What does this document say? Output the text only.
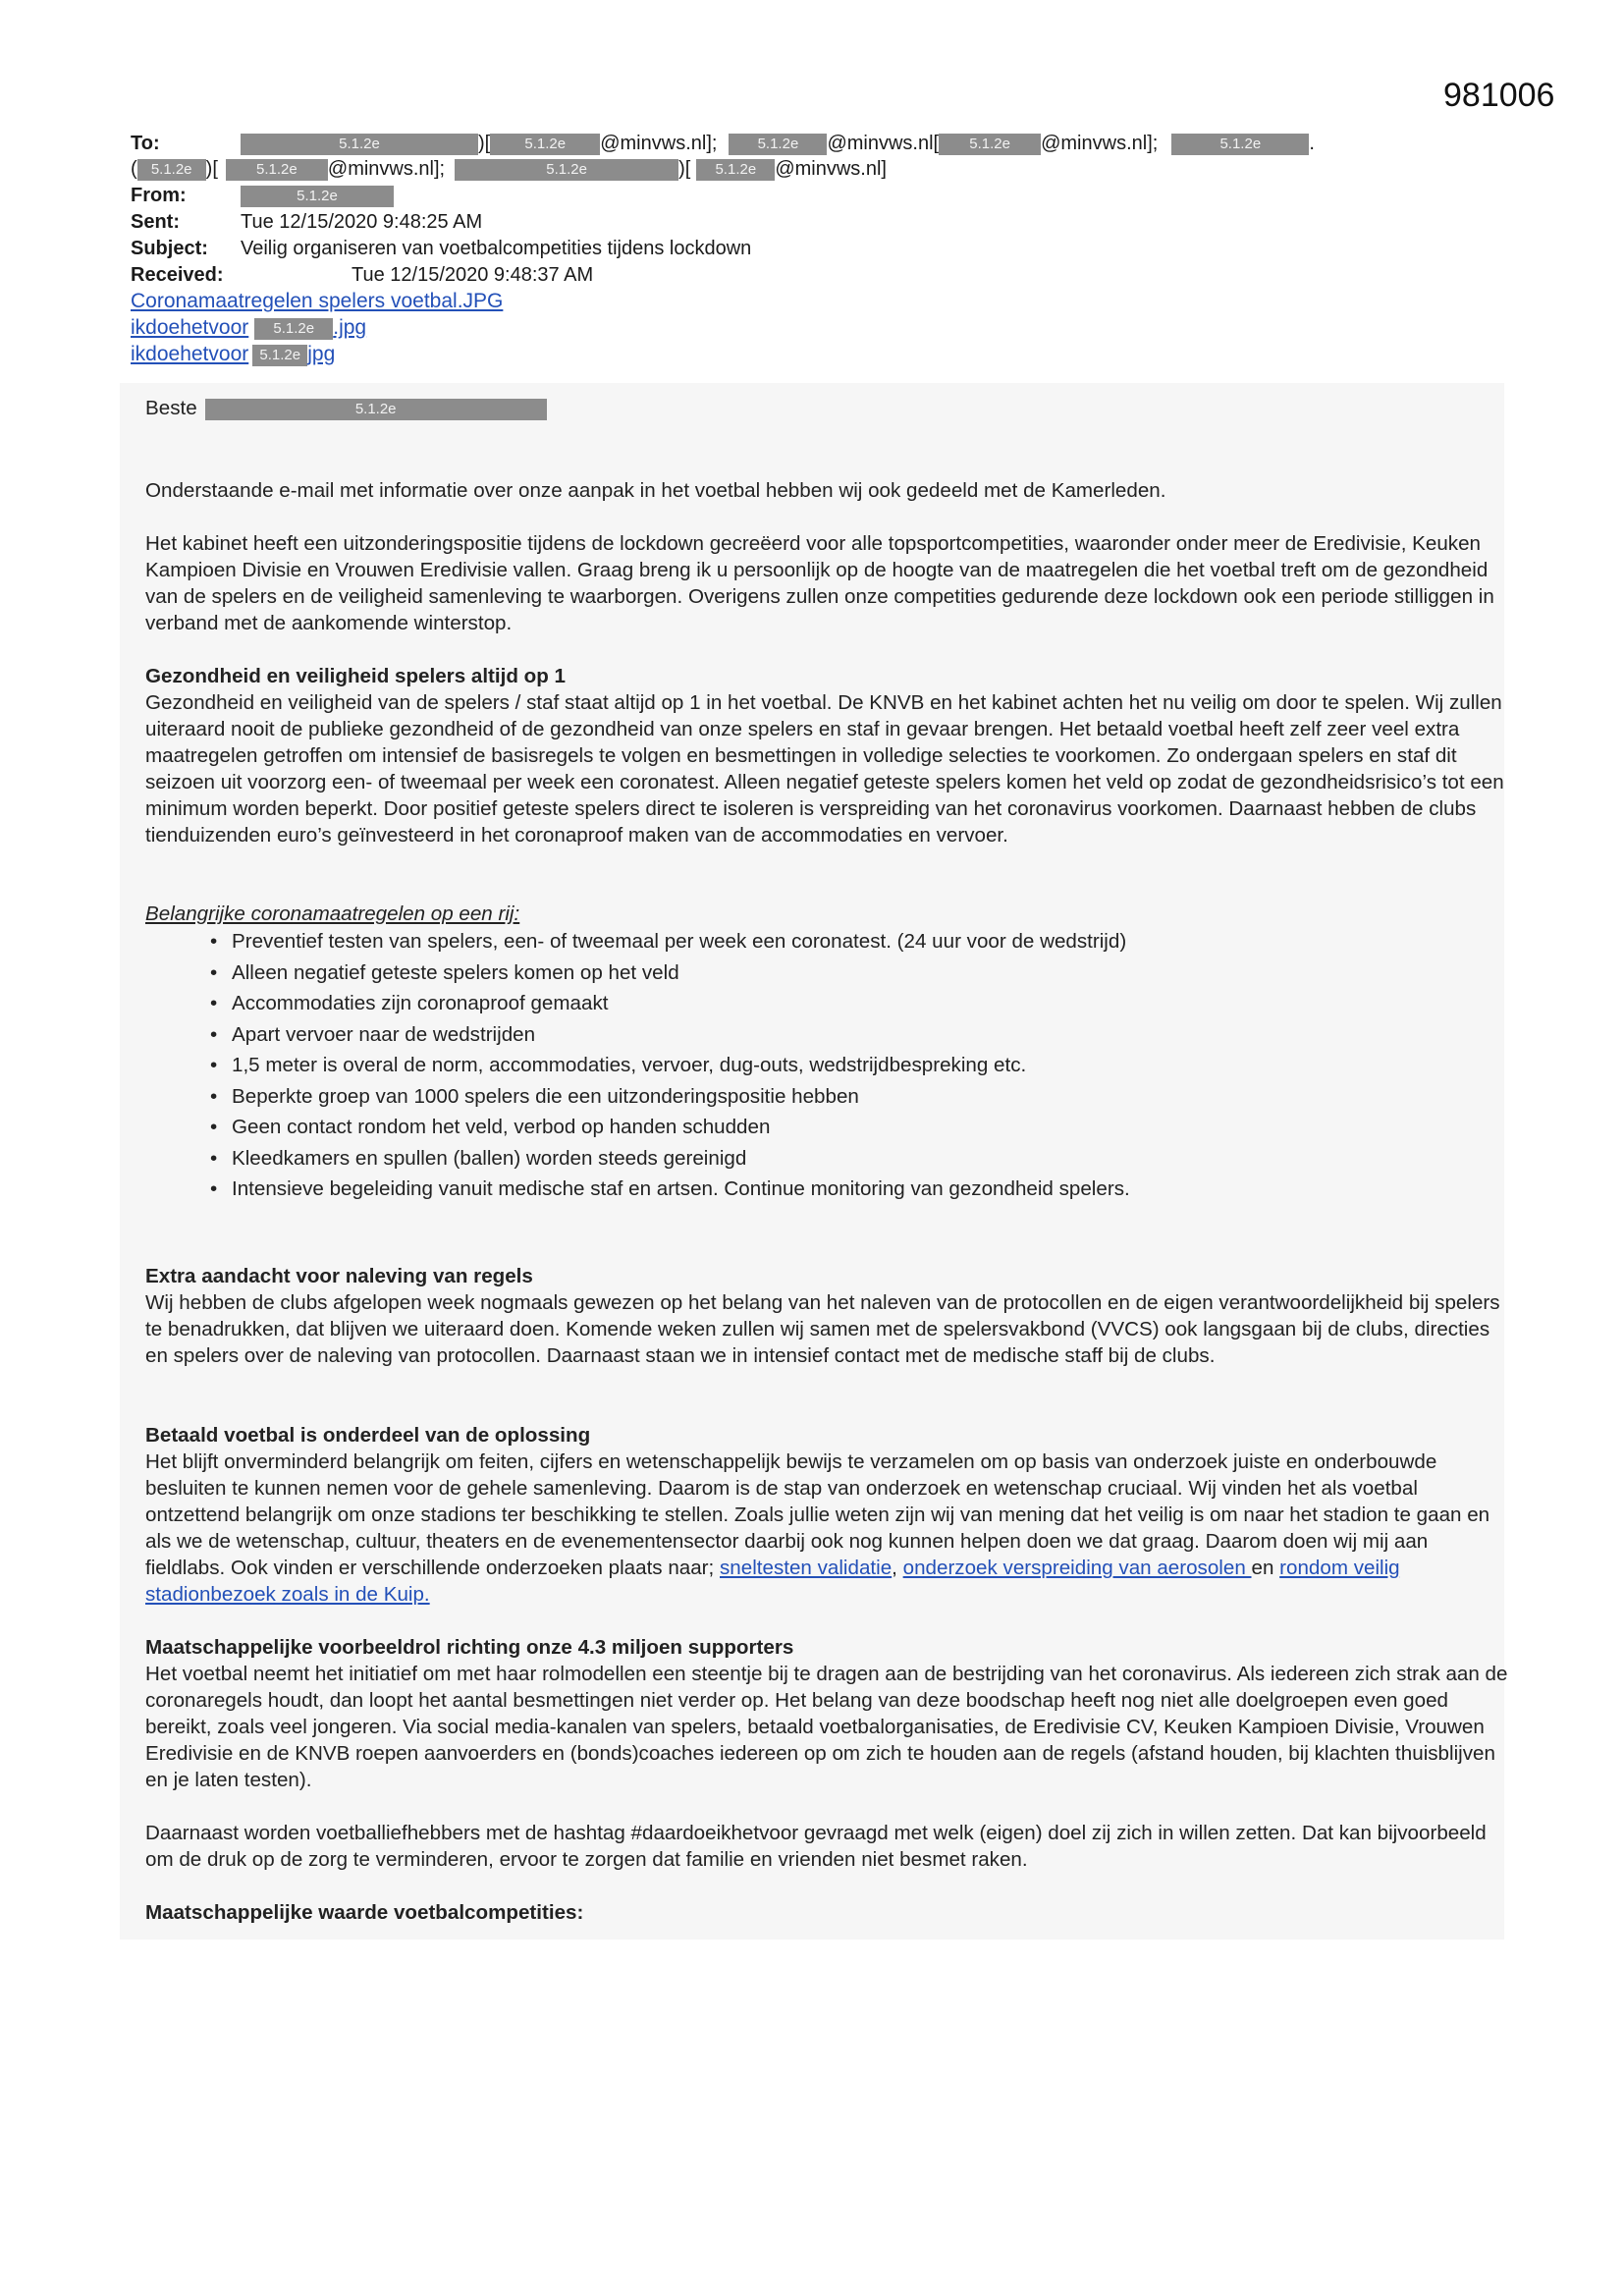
981006
To:	5.1.2e	)[ 5.1.2e @minvws.nl];	5.1.2e @minvws.nl[ 5.1.2e @minvws.nl];	5.1.2e .
( 5.1.2e )[	5.1.2e @minvws.nl];	5.1.2e	)[ 5.1.2e @minvws.nl]
From:	5.1.2e
Sent:	Tue 12/15/2020 9:48:25 AM
Subject: Veilig organiseren van voetbalcompetities tijdens lockdown
Received:	Tue 12/15/2020 9:48:37 AM
Coronamaatregelen spelers voetbal.JPG
ikdoehetvoor 5.1.2e .jpg
ikdoehetvoor 5.1.2e jpg
Beste	5.1.2e
Onderstaande e-mail met informatie over onze aanpak in het voetbal hebben wij ook gedeeld met de Kamerleden.
Het kabinet heeft een uitzonderingspositie tijdens de lockdown gecreëerd voor alle topsportcompetities, waaronder onder meer de Eredivisie, Keuken Kampioen Divisie en Vrouwen Eredivisie vallen. Graag breng ik u persoonlijk op de hoogte van de maatregelen die het voetbal treft om de gezondheid van de spelers en de veiligheid samenleving te waarborgen. Overigens zullen onze competities gedurende deze lockdown ook een periode stilliggen in verband met de aankomende winterstop.
Gezondheid en veiligheid spelers altijd op 1
Gezondheid en veiligheid van de spelers / staf staat altijd op 1 in het voetbal. De KNVB en het kabinet achten het nu veilig om door te spelen. Wij zullen uiteraard nooit de publieke gezondheid of de gezondheid van onze spelers en staf in gevaar brengen. Het betaald voetbal heeft zelf zeer veel extra maatregelen getroffen om intensief de basisregels te volgen en besmettingen in volledige selecties te voorkomen. Zo ondergaan spelers en staf dit seizoen uit voorzorg een- of tweemaal per week een coronatest. Alleen negatief geteste spelers komen het veld op zodat de gezondheidsrisico’s tot een minimum worden beperkt. Door positief geteste spelers direct te isoleren is verspreiding van het coronavirus voorkomen. Daarnaast hebben de clubs tienduizenden euro’s geïnvesteerd in het coronaproof maken van de accommodaties en vervoer.
Belangrijke coronamaatregelen op een rij:
• Preventief testen van spelers, een- of tweemaal per week een coronatest. (24 uur voor de wedstrijd)
• Alleen negatief geteste spelers komen op het veld
• Accommodaties zijn coronaproof gemaakt
• Apart vervoer naar de wedstrijden
• 1,5 meter is overal de norm, accommodaties, vervoer, dug-outs, wedstrijdbespreking etc.
• Beperkte groep van 1000 spelers die een uitzonderingspositie hebben
• Geen contact rondom het veld, verbod op handen schudden
• Kleedkamers en spullen (ballen) worden steeds gereinigd
• Intensieve begeleiding vanuit medische staf en artsen. Continue monitoring van gezondheid spelers.
Extra aandacht voor naleving van regels
Wij hebben de clubs afgelopen week nogmaals gewezen op het belang van het naleven van de protocollen en de eigen verantwoordelijkheid bij spelers te benadrukken, dat blijven we uiteraard doen. Komende weken zullen wij samen met de spelersvakbond (VVCS) ook langsgaan bij de clubs, directies en spelers over de naleving van protocollen. Daarnaast staan we in intensief contact met de medische staff bij de clubs.
Betaald voetbal is onderdeel van de oplossing
Het blijft onverminderd belangrijk om feiten, cijfers en wetenschappelijk bewijs te verzamelen om op basis van onderzoek juiste en onderbouwde besluiten te kunnen nemen voor de gehele samenleving. Daarom is de stap van onderzoek en wetenschap cruciaal. Wij vinden het als voetbal ontzettend belangrijk om onze stadions ter beschikking te stellen. Zoals jullie weten zijn wij van mening dat het veilig is om naar het stadion te gaan en als we de wetenschap, cultuur, theaters en de evenementensector daarbij ook nog kunnen helpen doen we dat graag. Daarom doen wij mij aan fieldlabs. Ook vinden er verschillende onderzoeken plaats naar; sneltesten validatie, onderzoek verspreiding van aerosolen en rondom veilig stadionbezoek zoals in de Kuip.
Maatschappelijke voorbeeldrol richting onze 4.3 miljoen supporters
Het voetbal neemt het initiatief om met haar rolmodellen een steentje bij te dragen aan de bestrijding van het coronavirus. Als iedereen zich strak aan de coronaregels houdt, dan loopt het aantal besmettingen niet verder op. Het belang van deze boodschap heeft nog niet alle doelgroepen even goed bereikt, zoals veel jongeren. Via social media-kanalen van spelers, betaald voetbalorganisaties, de Eredivisie CV, Keuken Kampioen Divisie, Vrouwen Eredivisie en de KNVB roepen aanvoerders en (bonds)coaches iedereen op om zich te houden aan de regels (afstand houden, bij klachten thuisblijven en je laten testen).
Daarnaast worden voetballiefhebbers met de hashtag #daardoeikhetvoor gevraagd met welk (eigen) doel zij zich in willen zetten. Dat kan bijvoorbeeld om de druk op de zorg te verminderen, ervoor te zorgen dat familie en vrienden niet besmet raken.
Maatschappelijke waarde voetbalcompetities:
